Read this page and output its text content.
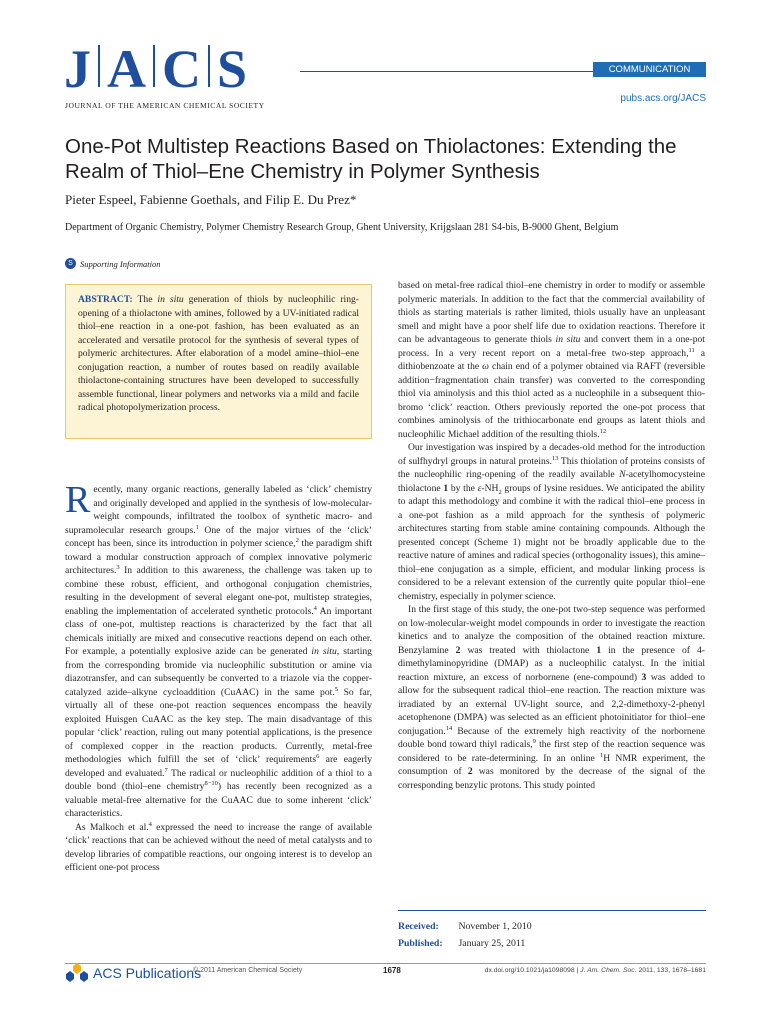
J A C S
JOURNAL OF THE AMERICAN CHEMICAL SOCIETY
COMMUNICATION
pubs.acs.org/JACS
One-Pot Multistep Reactions Based on Thiolactones: Extending the Realm of Thiol–Ene Chemistry in Polymer Synthesis
Pieter Espeel, Fabienne Goethals, and Filip E. Du Prez*
Department of Organic Chemistry, Polymer Chemistry Research Group, Ghent University, Krijgslaan 281 S4-bis, B-9000 Ghent, Belgium
S Supporting Information
ABSTRACT: The in situ generation of thiols by nucleophilic ring-opening of a thiolactone with amines, followed by a UV-initiated radical thiol–ene reaction in a one-pot fashion, has been evaluated as an accelerated and versatile protocol for the synthesis of several types of polymeric architectures. After elaboration of a model amine–thiol–ene conjugation reaction, a number of routes based on readily available thiolactone-containing structures have been developed to successfully assemble functional, linear polymers and networks via a mild and facile radical photopolymerization process.

Recently, many organic reactions, generally labeled as ‘click’ chemistry and originally developed and applied in the synthesis of low-molecular-weight compounds, infiltrated the toolbox of synthetic macro- and supramolecular research groups.$^1$ One of the major virtues of the ‘click’ concept has been, since its introduction in polymer science,$^2$ the paradigm shift toward a modular construction approach of complex innovative polymeric architectures.$^3$ In addition to this awareness, the challenge was taken up to combine these robust, efficient, and orthogonal conjugation chemistries, resulting in the development of several elegant one-pot, multistep strategies, enabling the implementation of accelerated synthetic protocols.$^4$ An important class of one-pot, multistep reactions is characterized by the fact that all chemicals initially are mixed and consecutive reactions depend on each other. For example, a potentially explosive azide can be generated in situ, starting from the corresponding bromide via nucleophilic substitution or amine via diazotransfer, and can subsequently be converted to a triazole via the copper-catalyzed azide–alkyne cycloaddition (CuAAC) in the same pot.$^5$ So far, virtually all of these one-pot reaction sequences encompass the heavily exploited Huisgen CuAAC as the key step. The main disadvantage of this popular ‘click’ reaction, ruling out many potential applications, is the presence of complexed copper in the reaction products. Currently, metal-free methodologies which fulfill the set of ‘click’ requirements$^6$ are eagerly developed and evaluated.$^7$ The radical or nucleophilic addition of a thiol to a double bond (thiol–ene chemistry$^{8-10}$) has recently been recognized as a valuable metal-free alternative for the CuAAC due to some inherent ‘click’ characteristics.

As Malkoch et al.$^4$ expressed the need to increase the range of available ‘click’ reactions that can be achieved without the need of metal catalysts and to develop libraries of compatible reactions, our ongoing interest is to develop an efficient one-pot process

based on metal-free radical thiol–ene chemistry in order to modify or assemble polymeric materials. In addition to the fact that the commercial availability of thiols as starting materials is rather limited, thiols usually have an unpleasant smell and might have a poor shelf life due to oxidation reactions. Therefore it can be advantageous to generate thiols in situ and convert them in a one-pot process. In a very recent report on a metal-free two-step approach,$^{11}$ a dithiobenzoate at the ω chain end of a polymer obtained via RAFT (reversible addition−fragmentation chain transfer) was converted to the corresponding thiol via aminolysis and this thiol acted as a nucleophile in a subsequent thio-bromo ‘click’ reaction. Others previously reported the one-pot process that combines aminolysis of the trithiocarbonate end groups as latent thiols and nucleophilic Michael addition of the resulting thiols.$^{12}$

Our investigation was inspired by a decades-old method for the introduction of sulfhydryl groups in natural proteins.$^{13}$ This thiolation of proteins consists of the nucleophilic ring-opening of the readily available N-acetylhomocysteine thiolactone 1 by the $\varepsilon-NH_2$ groups of lysine residues. We anticipated the ability to adapt this methodology and combine it with the radical thiol–ene process in a one-pot fashion as a mild approach for the synthesis of polymeric architectures starting from stable amine containing compounds. Although the presented concept (Scheme 1) might not be broadly applicable due to the reactive nature of amines and radical species (orthogonality issues), this amine–thiol–ene conjugation as a simple, efficient, and modular linking process is considered to be a relevant extension of the currently quite popular thiol–ene chemistry, especially in polymer science.

In the first stage of this study, the one-pot two-step sequence was performed on low-molecular-weight model compounds in order to investigate the reaction kinetics and to analyze the composition of the obtained reaction mixture. Benzylamine 2 was treated with thiolactone 1 in the presence of 4-dimethylaminopyridine (DMAP) as a nucleophilic catalyst. In the initial reaction mixture, an excess of norbornene (ene-compound) 3 was added to allow for the subsequent radical thiol–ene reaction. The reaction mixture was irradiated by an external UV-light source, and 2,2-dimethoxy-2-phenyl acetophenone (DMPA) was selected as an efficient photoinitiator for thiol–ene conjugation.$^{14}$ Because of the extremely high reactivity of the norbornene double bond toward thiyl radicals,$^9$ the first step of the reaction sequence was considered to be rate-determining. In an online $^1$H NMR experiment, the consumption of 2 was monitored by the decrease of the signal of the corresponding benzylic protons. This study pointed

Received: November 1, 2010
Published: January 25, 2011
ACS Publications
© 2011 American Chemical Society	1678	dx.doi.org/10.1021/ja1098098 | J. Am. Chem. Soc. 2011, 133, 1678–1681
